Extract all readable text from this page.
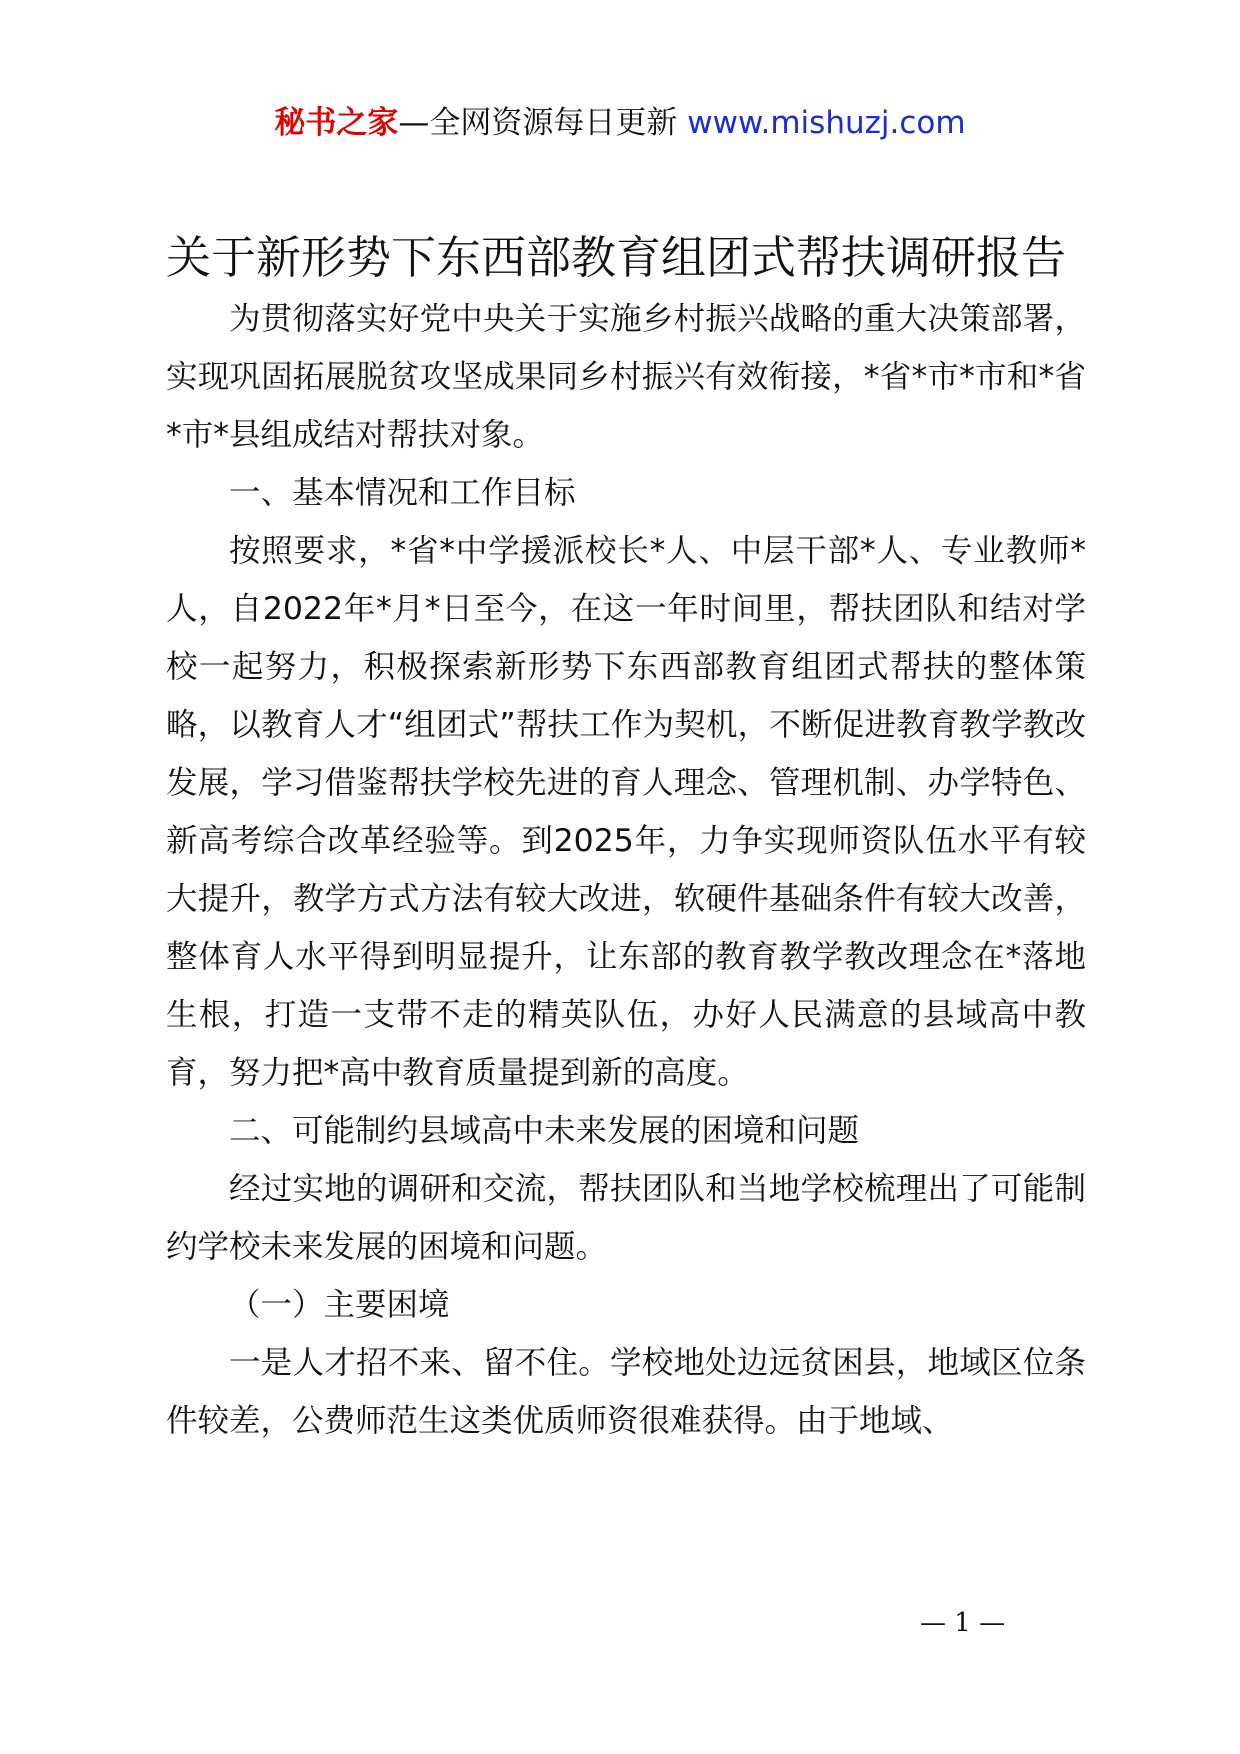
秘书之家—全网资源每日更新 www.mishuzj.com
关于新形势下东西部教育组团式帮扶调研报告

为贯彻落实好党中央关于实施乡村振兴战略的重大决策部署，实现巩固拓展脱贫攻坚成果同乡村振兴有效衔接，*省*市*市和*省*市*县组成结对帮扶对象。

一、基本情况和工作目标

按照要求，*省*中学援派校长*人、中层干部*人、专业教师*人，自2022年*月*日至今，在这一年时间里，帮扶团队和结对学校一起努力，积极探索新形势下东西部教育组团式帮扶的整体策略，以教育人才“组团式”帮扶工作为契机，不断促进教育教学教改发展，学习借鉴帮扶学校先进的育人理念、管理机制、办学特色、新高考综合改革经验等。到2025年，力争实现师资队伍水平有较大提升，教学方式方法有较大改进，软硬件基础条件有较大改善，整体育人水平得到明显提升，让东部的教育教学教改理念在*落地生根，打造一支带不走的精英队伍，办好人民满意的县域高中教育，努力把*高中教育质量提到新的高度。

二、可能制约县域高中未来发展的困境和问题

经过实地的调研和交流，帮扶团队和当地学校梳理出了可能制约学校未来发展的困境和问题。

（一）主要困境

一是人才招不来、留不住。学校地处边远贫困县，地域区位条件较差，公费师范生这类优质师资很难获得。由于地域、

— 1 —
